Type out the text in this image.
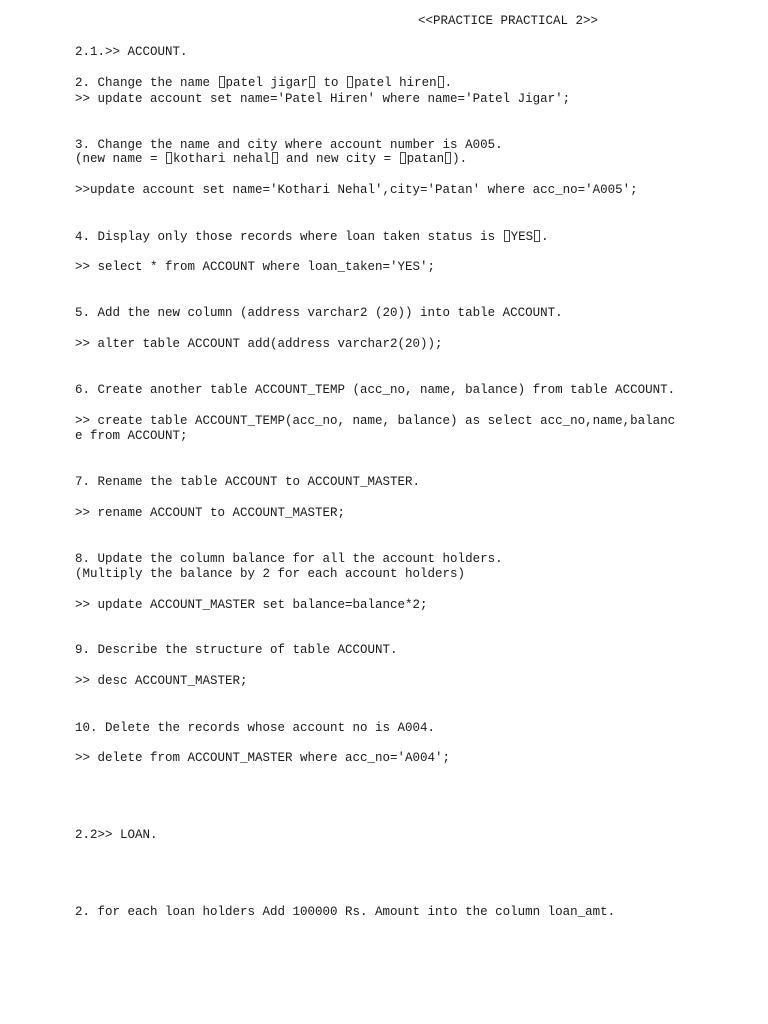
<<PRACTICE PRACTICAL 2>>
2.1.>> ACCOUNT.
2. Change the name patel jigar to patel hiren .
>> update account set name='Patel Hiren' where name='Patel Jigar';
3. Change the name and city where account number is A005.
(new name = kothari nehal and new city = patan ).
>>update account set name='Kothari Nehal',city='Patan' where acc_no='A005';
4. Display only those records where loan taken status is YES .
>> select * from ACCOUNT where loan_taken='YES';
5. Add the new column (address varchar2 (20)) into table ACCOUNT.
>> alter table ACCOUNT add(address varchar2(20));
6. Create another table ACCOUNT_TEMP (acc_no, name, balance) from table ACCOUNT.
>> create table ACCOUNT_TEMP(acc_no, name, balance) as select acc_no,name,balanc
e from ACCOUNT;
7. Rename the table ACCOUNT to ACCOUNT_MASTER.
>> rename ACCOUNT to ACCOUNT_MASTER;
8. Update the column balance for all the account holders.
(Multiply the balance by 2 for each account holders)
>> update ACCOUNT_MASTER set balance=balance*2;
9. Describe the structure of table ACCOUNT.
>> desc ACCOUNT_MASTER;
10. Delete the records whose account no is A004.
>> delete from ACCOUNT_MASTER where acc_no='A004';
2.2>> LOAN.
2. for each loan holders Add 100000 Rs. Amount into the column loan_amt.
